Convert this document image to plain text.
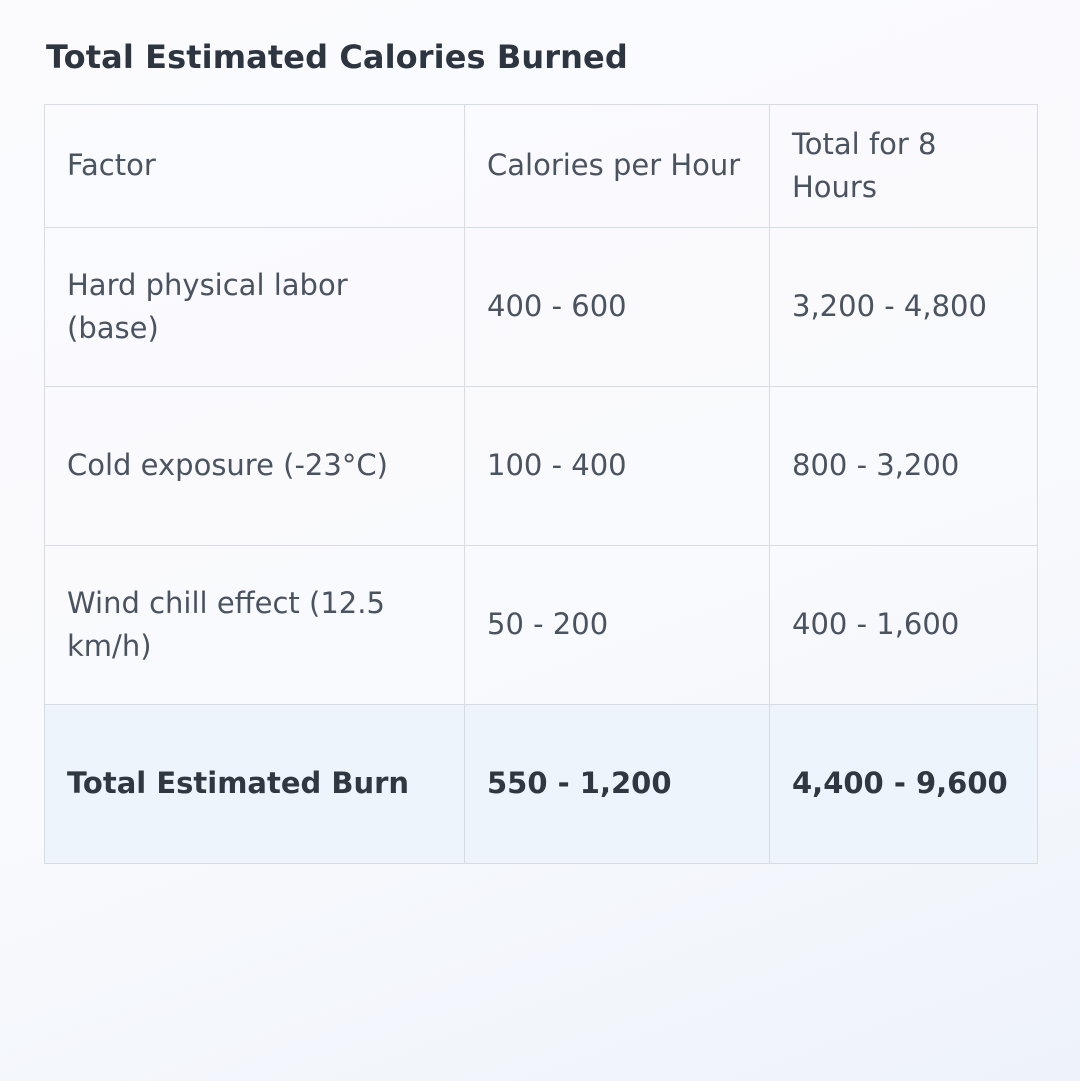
Total Estimated Calories Burned
Factor	Calories per Hour	Total for 8 Hours
Hard physical labor (base)	400 - 600	3,200 - 4,800
Cold exposure (-23°C)	100 - 400	800 - 3,200
Wind chill effect (12.5 km/h)	50 - 200	400 - 1,600
Total Estimated Burn	550 - 1,200	4,400 - 9,600
